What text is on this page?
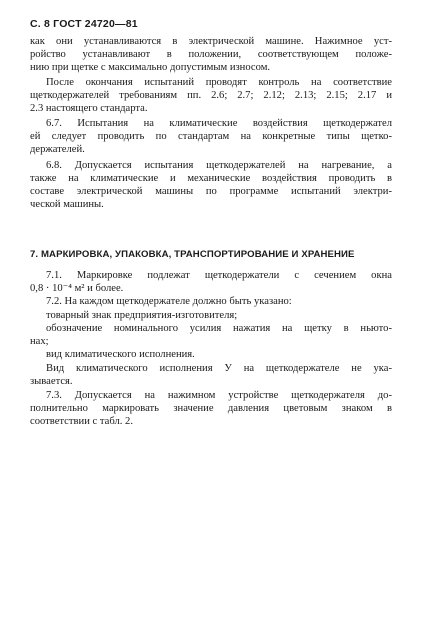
С. 8 ГОСТ 24720—81
как они устанавливаются в электрической машине. Нажимное уст-
ройство устанавливают в положении, соответствующем положе-
нию при щетке с максимально допустимым износом.
После окончания испытаний проводят контроль на соответствие
щеткодержателей требованиям пп. 2.6; 2.7; 2.12; 2.13; 2.15; 2.17 и
2.3 настоящего стандарта.
6.7. Испытания на климатические воздействия щеткодержател
ей следует проводить по стандартам на конкретные типы щетко-
держателей.
6.8. Допускается испытания щеткодержателей на нагревание, а
также на климатические и механические воздействия проводить в
составе электрической машины по программе испытаний электри-
ческой машины.
7. МАРКИРОВКА, УПАКОВКА, ТРАНСПОРТИРОВАНИЕ И ХРАНЕНИЕ
7.1. Маркировке подлежат щеткодержатели с сечением окна
0,8 · 10⁻⁴ м² и более.
7.2. На каждом щеткодержателе должно быть указано:
товарный знак предприятия-изготовителя;
обозначение номинального усилия нажатия на щетку в ньюто-
нах;
вид климатического исполнения.
Вид климатического исполнения У на щеткодержателе не ука-
зывается.
7.3. Допускается на нажимном устройстве щеткодержателя до-
полнительно маркировать значение давления цветовым знаком в
соответствии с табл. 2.
